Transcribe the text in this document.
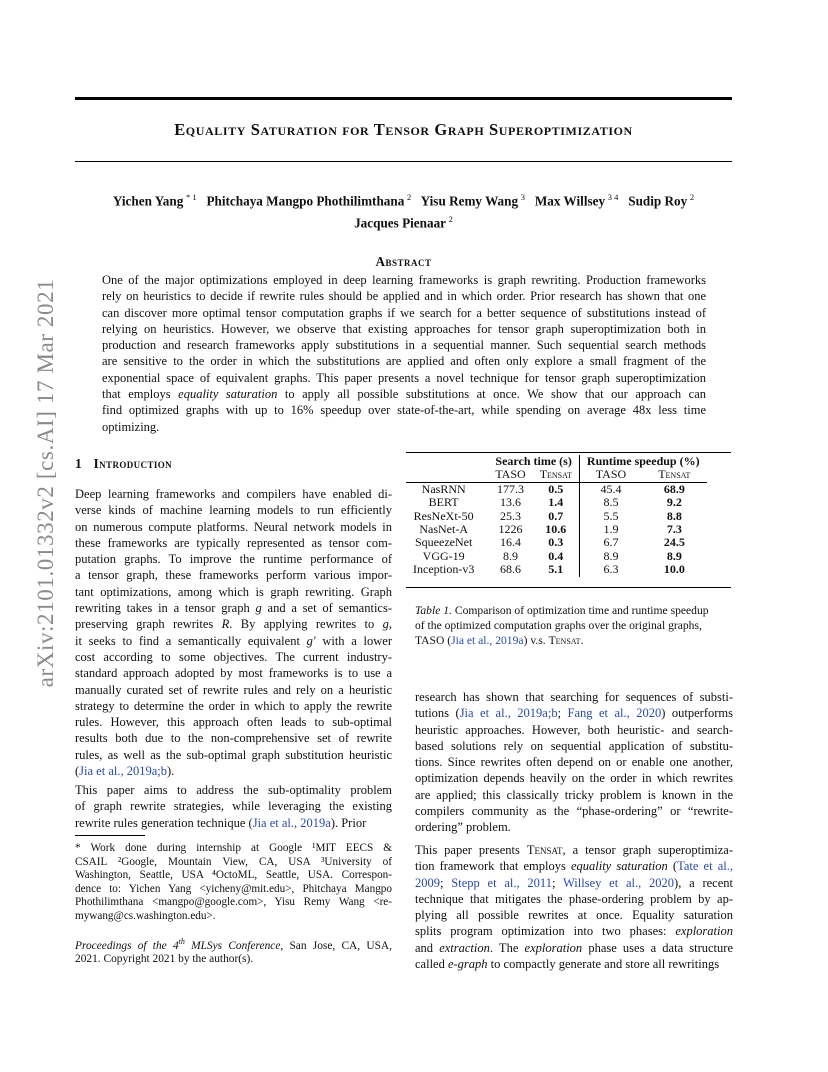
arXiv:2101.01332v2 [cs.AI] 17 Mar 2021
Equality Saturation for Tensor Graph Superoptimization
Yichen Yang  $^{* 1}$ Phitchaya Mangpo Phothilimthana  $^2$ Yisu Remy Wang  $^3$ Max Willsey  $^{3 4}$ Sudip Roy  $^2$
Jacques Pienaar  $^2$
Abstract
One of the major optimizations employed in deep learning frameworks is graph rewriting. Production frameworks
rely on heuristics to decide if rewrite rules should be applied and in which order. Prior research has shown that one
can discover more optimal tensor computation graphs if we search for a better sequence of substitutions instead of
relying on heuristics. However, we observe that existing approaches for tensor graph superoptimization both in
production and research frameworks apply substitutions in a sequential manner. Such sequential search methods
are sensitive to the order in which the substitutions are applied and often only explore a small fragment of the
exponential space of equivalent graphs. This paper presents a novel technique for tensor graph superoptimization
that employs equality saturation to apply all possible substitutions at once. We show that our approach can
find optimized graphs with up to 16% speedup over state-of-the-art, while spending on average 48x less time
optimizing.
1 Introduction
Deep learning frameworks and compilers have enabled di-
verse kinds of machine learning models to run efficiently
on numerous compute platforms. Neural network models in
these frameworks are typically represented as tensor com-
putation graphs. To improve the runtime performance of
a tensor graph, these frameworks perform various impor-
tant optimizations, among which is graph rewriting. Graph
rewriting takes in a tensor graph g and a set of semantics-
preserving graph rewrites R. By applying rewrites to g,
it seeks to find a semantically equivalent g′ with a lower
cost according to some objectives. The current industry-
standard approach adopted by most frameworks is to use a
manually curated set of rewrite rules and rely on a heuristic
strategy to determine the order in which to apply the rewrite
rules. However, this approach often leads to sub-optimal
results both due to the non-comprehensive set of rewrite
rules, as well as the sub-optimal graph substitution heuristic
(Jia et al., 2019a;b).
This paper aims to address the sub-optimality problem
of graph rewrite strategies, while leveraging the existing
rewrite rules generation technique (Jia et al., 2019a). Prior
* Work done during internship at Google ¹MIT EECS &
CSAIL ²Google, Mountain View, CA, USA ³University of
Washington, Seattle, USA ⁴OctoML, Seattle, USA. Correspon-
dence to: Yichen Yang <yicheny@mit.edu>, Phitchaya Mangpo
Phothilimthana <mangpo@google.com>, Yisu Remy Wang <re-
mywang@cs.washington.edu>.
Proceedings of the 4th MLSys Conference, San Jose, CA, USA,
2021. Copyright 2021 by the author(s).
	Search time (s)		Runtime speedup (%)	
	TASO	Tensat	TASO	Tensat
NasRNN	177.3	0.5	45.4	68.9
BERT	13.6	1.4	8.5	9.2
ResNeXt-50	25.3	0.7	5.5	8.8
NasNet-A	1226	10.6	1.9	7.3
SqueezeNet	16.4	0.3	6.7	24.5
VGG-19	8.9	0.4	8.9	8.9
Inception-v3	68.6	5.1	6.3	10.0
Table 1. Comparison of optimization time and runtime speedup
of the optimized computation graphs over the original graphs,
TASO (Jia et al., 2019a) v.s. Tensat.
research has shown that searching for sequences of substi-
tutions (Jia et al., 2019a;b; Fang et al., 2020) outperforms
heuristic approaches. However, both heuristic- and search-
based solutions rely on sequential application of substitu-
tions. Since rewrites often depend on or enable one another,
optimization depends heavily on the order in which rewrites
are applied; this classically tricky problem is known in the
compilers community as the “phase-ordering” or “rewrite-
ordering” problem.
This paper presents Tensat, a tensor graph superoptimiza-
tion framework that employs equality saturation (Tate et al.,
2009; Stepp et al., 2011; Willsey et al., 2020), a recent
technique that mitigates the phase-ordering problem by ap-
plying all possible rewrites at once. Equality saturation
splits program optimization into two phases: exploration
and extraction. The exploration phase uses a data structure
called e-graph to compactly generate and store all rewritings
